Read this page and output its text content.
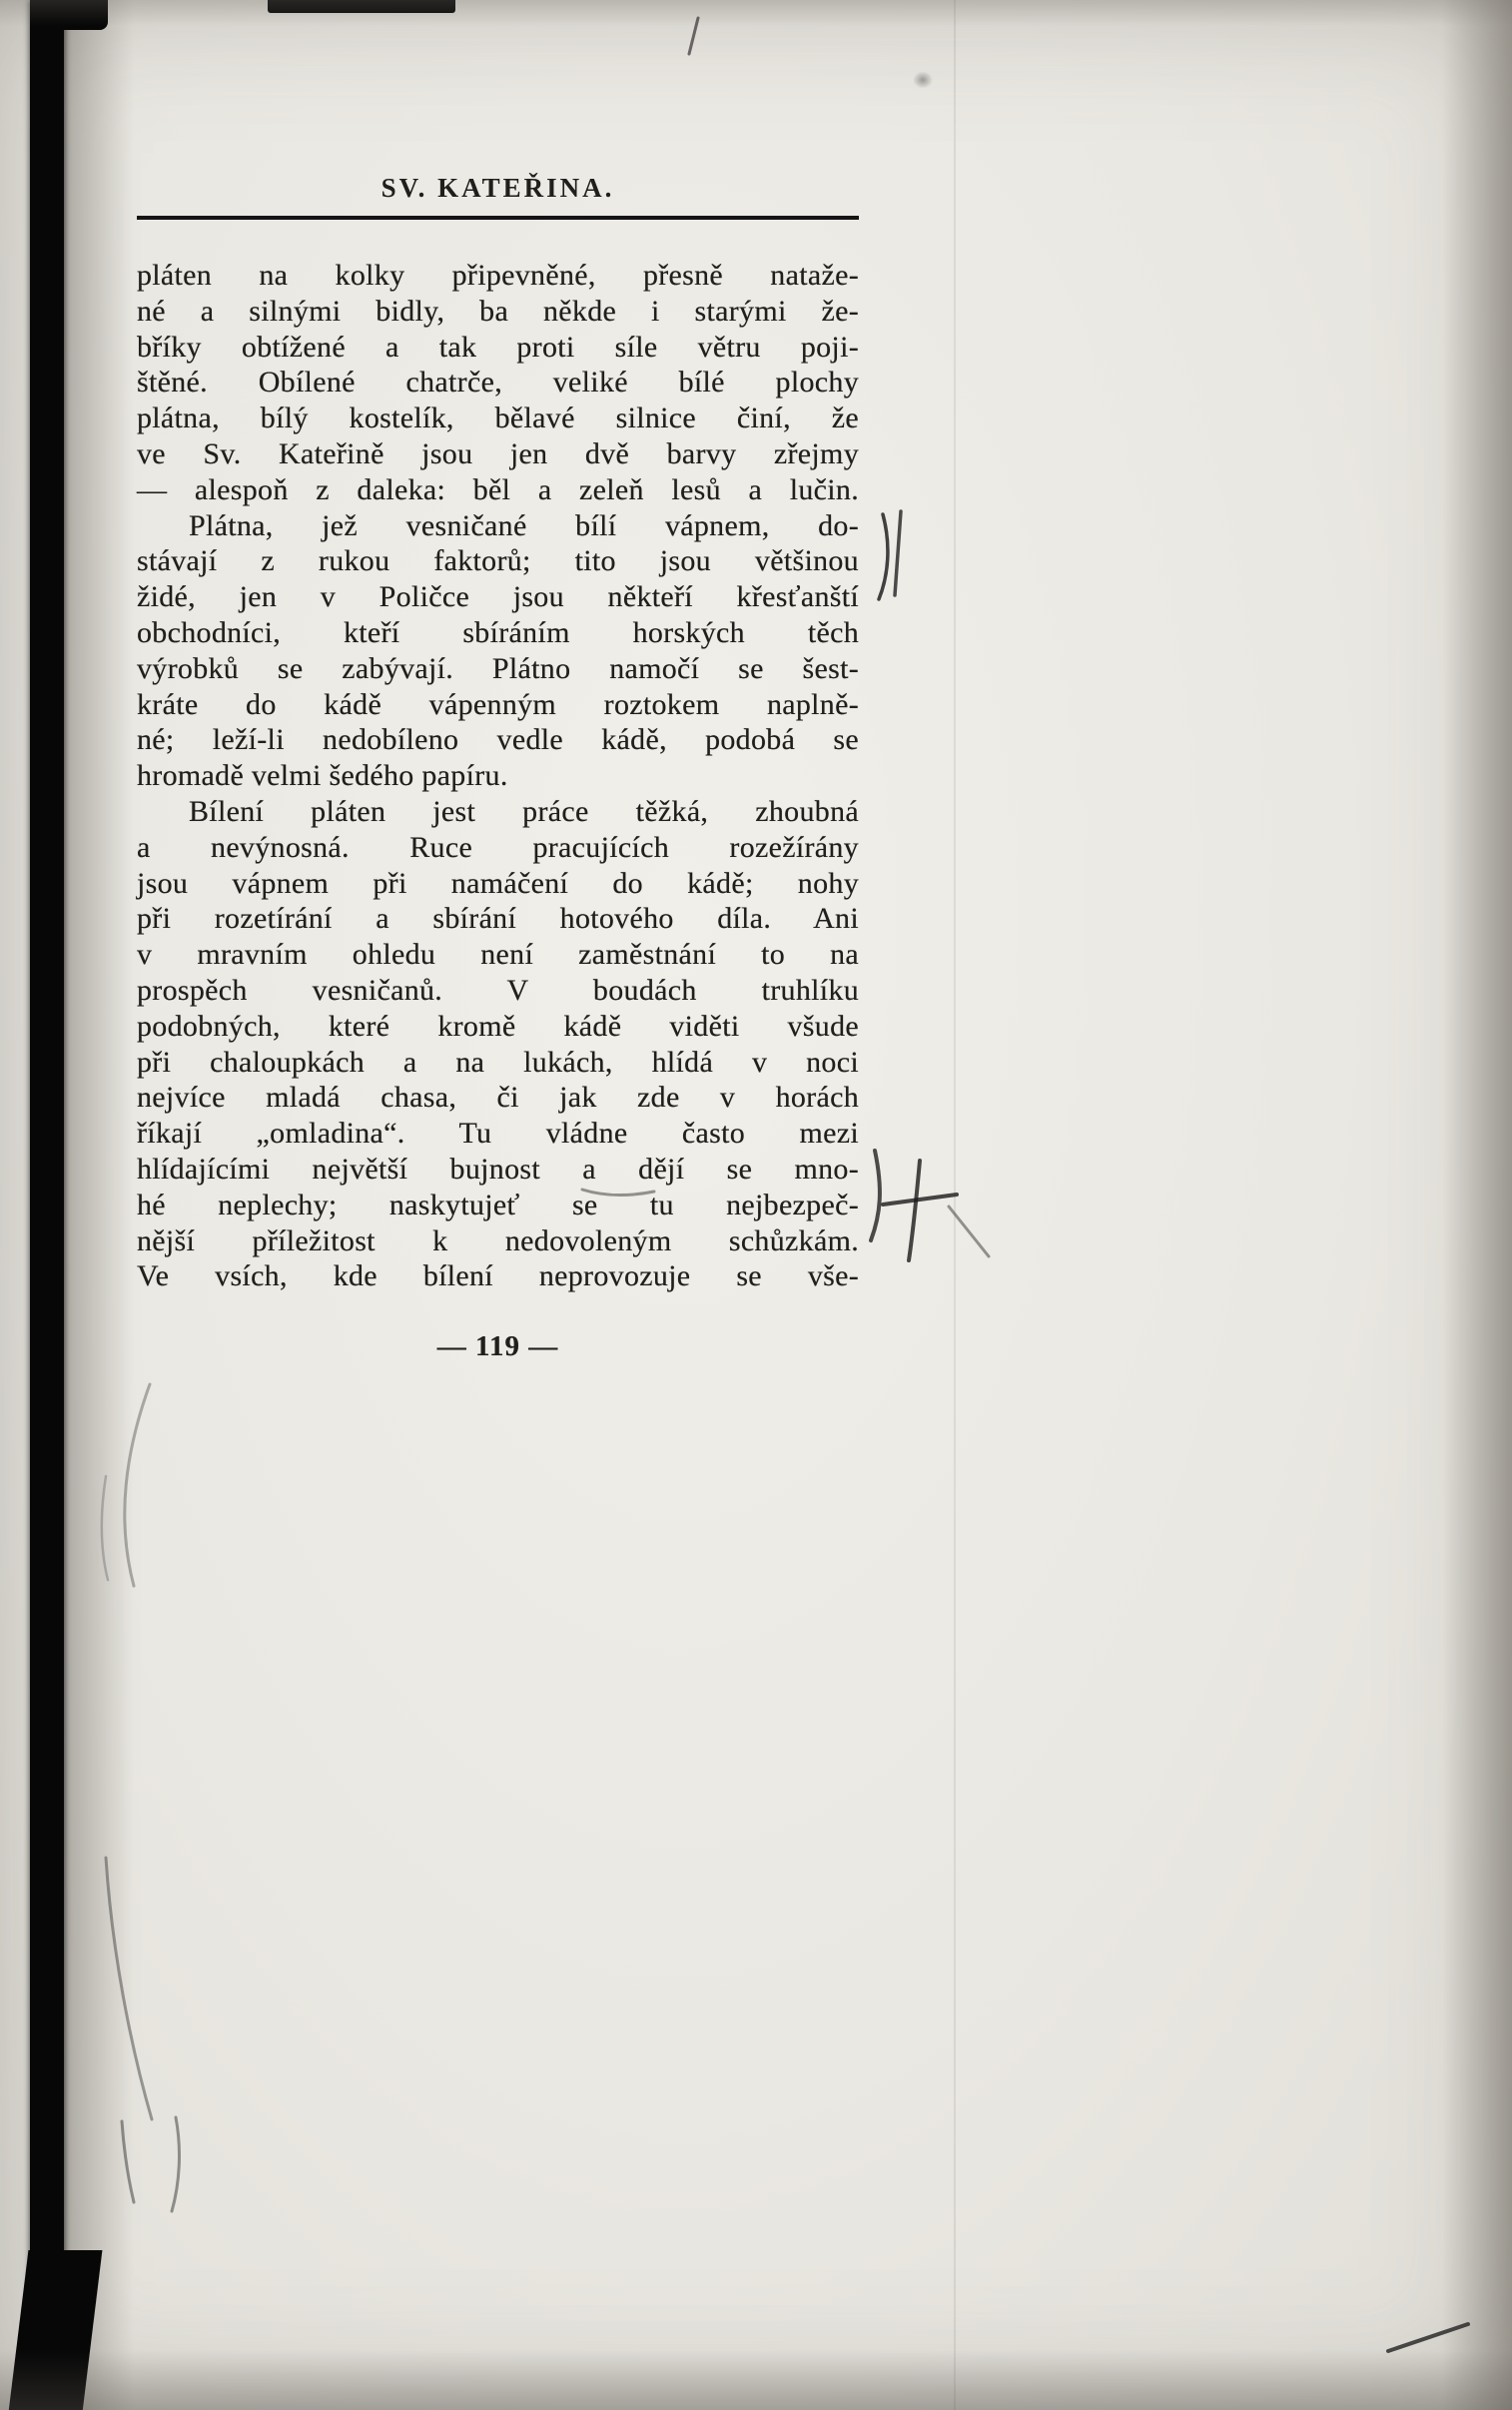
SV. KATEŘINA.
pláten na kolky připevněné, přesně nataže-
né a silnými bidly, ba někde i starými že-
bříky obtížené a tak proti síle větru poji-
štěné. Obílené chatrče, veliké bílé plochy
plátna, bílý kostelík, bělavé silnice činí, že
ve Sv. Kateřině jsou jen dvě barvy zřejmy
— alespoň z daleka: běl a zeleň lesů a lučin.
Plátna, jež vesničané bílí vápnem, do-
stávají z rukou faktorů; tito jsou většinou
židé, jen v Poličce jsou někteří křesťanští
obchodníci, kteří sbíráním horských těch
výrobků se zabývají. Plátno namočí se šest-
kráte do kádě vápenným roztokem naplně-
né; leží-li nedobíleno vedle kádě, podobá se
hromadě velmi šedého papíru.
Bílení pláten jest práce těžká, zhoubná
a nevýnosná. Ruce pracujících rozežírány
jsou vápnem při namáčení do kádě; nohy
při rozetírání a sbírání hotového díla. Ani
v mravním ohledu není zaměstnání to na
prospěch vesničanů. V boudách truhlíku
podobných, které kromě kádě viděti všude
při chaloupkách a na lukách, hlídá v noci
nejvíce mladá chasa, či jak zde v horách
říkají „omladina“. Tu vládne často mezi
hlídajícími největší bujnost a dějí se mno-
hé neplechy; naskytujeť se tu nejbezpeč-
nější příležitost k nedovoleným schůzkám.
Ve vsích, kde bílení neprovozuje se vše-
— 119 —
